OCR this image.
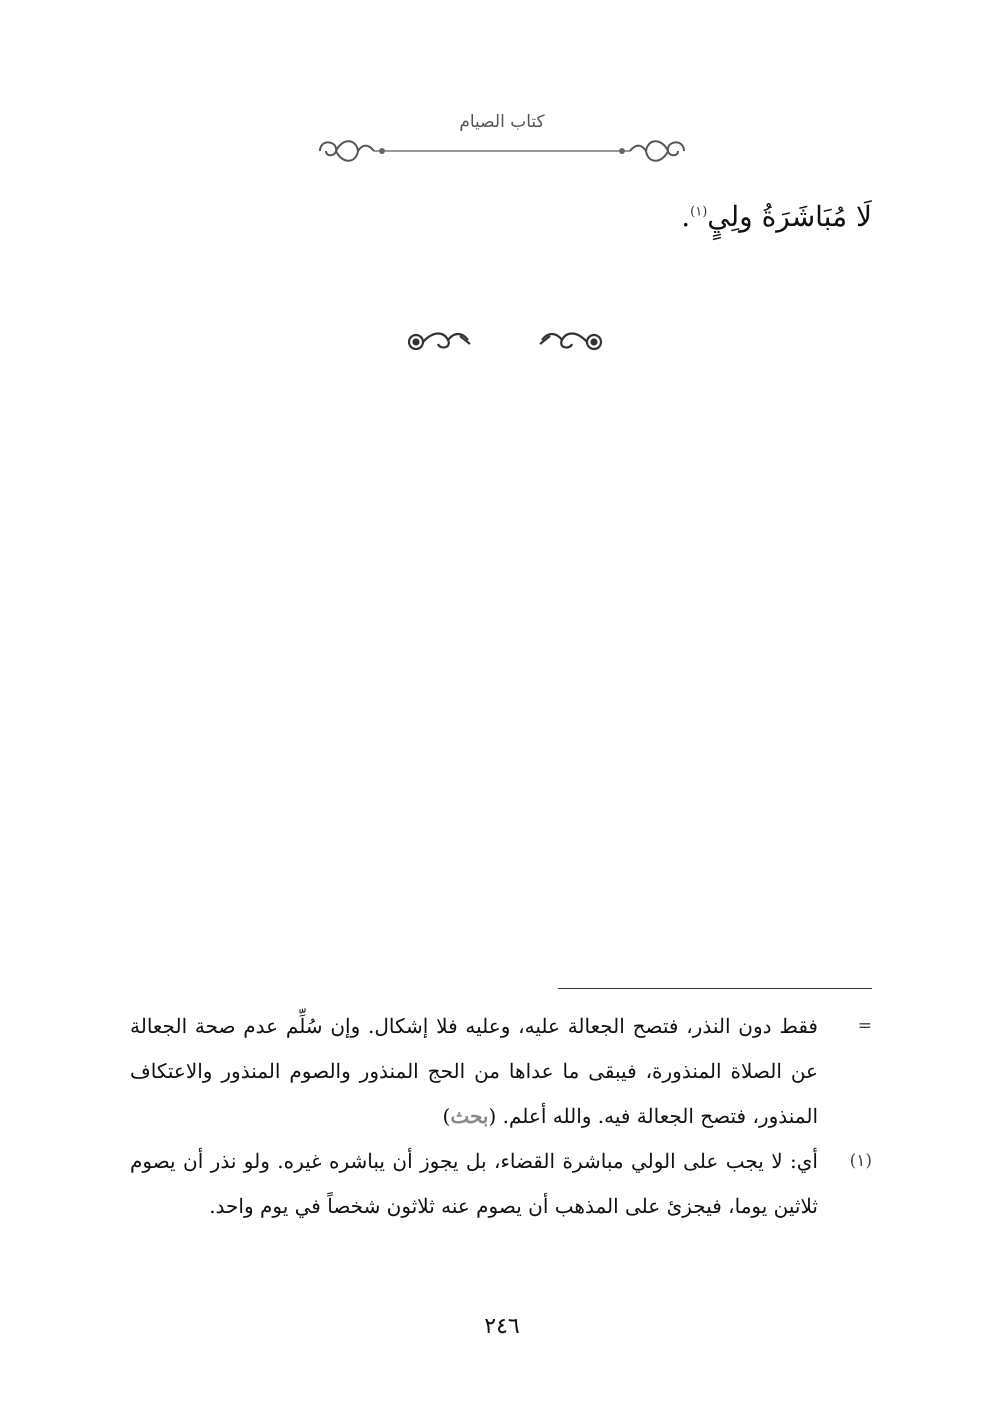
كتاب الصيام
لَا مُبَاشَرَةُ ولِيٍ$^{(١)}$.
=
فقط دون النذر، فتصح الجعالة عليه، وعليه فلا إشكال. وإن سُلِّم عدم صحة الجعالة عن الصلاة المنذورة، فيبقى ما عداها من الحج المنذور والصوم المنذور والاعتكاف المنذور، فتصح الجعالة فيه. والله أعلم. (بحث)
(١)
أي: لا يجب على الولي مباشرة القضاء، بل يجوز أن يباشره غيره. ولو نذر أن يصوم ثلاثين يوما، فيجزئ على المذهب أن يصوم عنه ثلاثون شخصاً في يوم واحد.
٢٤٦
